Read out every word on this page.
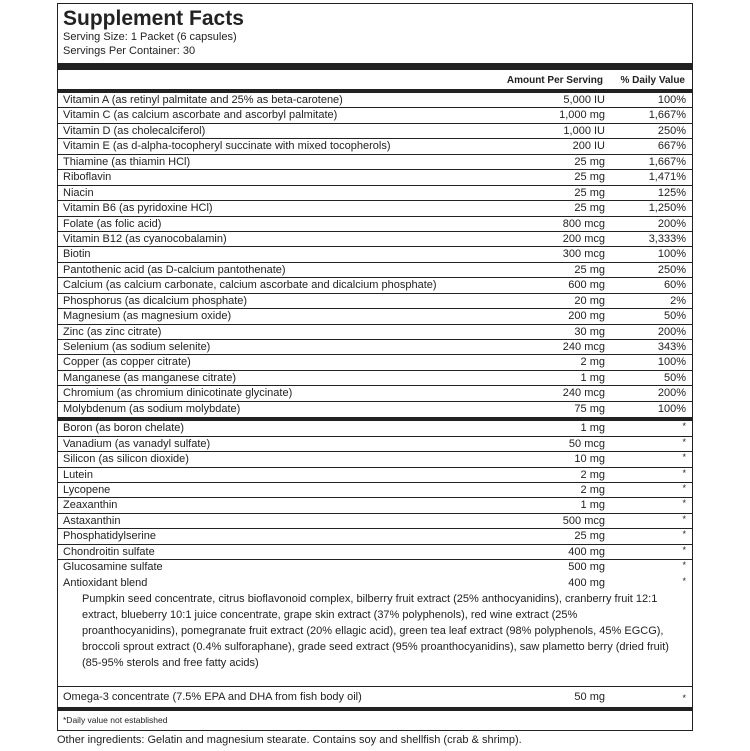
Supplement Facts
Serving Size: 1 Packet (6 capsules)
Servings Per Container: 30
Amount Per Serving % Daily Value
Vitamin A (as retinyl palmitate and 25% as beta-carotene)	5,000 IU	100%
Vitamin C (as calcium ascorbate and ascorbyl palmitate)	1,000 mg	1,667%
Vitamin D (as cholecalciferol)	1,000 IU	250%
Vitamin E (as d-alpha-tocopheryl succinate with mixed tocopherols)	200 IU	667%
Thiamine (as thiamin HCl)	25 mg	1,667%
Riboflavin	25 mg	1,471%
Niacin	25 mg	125%
Vitamin B6 (as pyridoxine HCl)	25 mg	1,250%
Folate (as folic acid)	800 mcg	200%
Vitamin B12 (as cyanocobalamin)	200 mcg	3,333%
Biotin	300 mcg	100%
Pantothenic acid (as D-calcium pantothenate)	25 mg	250%
Calcium (as calcium carbonate, calcium ascorbate and dicalcium phosphate)	600 mg	60%
Phosphorus (as dicalcium phosphate)	20 mg	2%
Magnesium (as magnesium oxide)	200 mg	50%
Zinc (as zinc citrate)	30 mg	200%
Selenium (as sodium selenite)	240 mcg	343%
Copper (as copper citrate)	2 mg	100%
Manganese (as manganese citrate)	1 mg	50%
Chromium (as chromium dinicotinate glycinate)	240 mcg	200%
Molybdenum (as sodium molybdate)	75 mg	100%
Boron (as boron chelate)	1 mg	*
Vanadium (as vanadyl sulfate)	50 mcg	*
Silicon (as silicon dioxide)	10 mg	*
Lutein	2 mg	*
Lycopene	2 mg	*
Zeaxanthin	1 mg	*
Astaxanthin	500 mcg	*
Phosphatidylserine	25 mg	*
Chondroitin sulfate	400 mg	*
Glucosamine sulfate	500 mg	*
Antioxidant blend	400 mg	*
Pumpkin seed concentrate, citrus bioflavonoid complex, bilberry fruit extract (25% anthocyanidins), cranberry fruit 12:1 extract, blueberry 10:1 juice concentrate, grape skin extract (37% polyphenols), red wine extract (25% proanthocyanidins), pomegranate fruit extract (20% ellagic acid), green tea leaf extract (98% polyphenols, 45% EGCG), broccoli sprout extract (0.4% sulforaphane), grade seed extract (95% proanthocyanidins), saw plametto berry (dried fruit) (85-95% sterols and free fatty acids)
Omega-3 concentrate (7.5% EPA and DHA from fish body oil)	50 mg	*
*Daily value not established
Other ingredients: Gelatin and magnesium stearate. Contains soy and shellfish (crab & shrimp).
